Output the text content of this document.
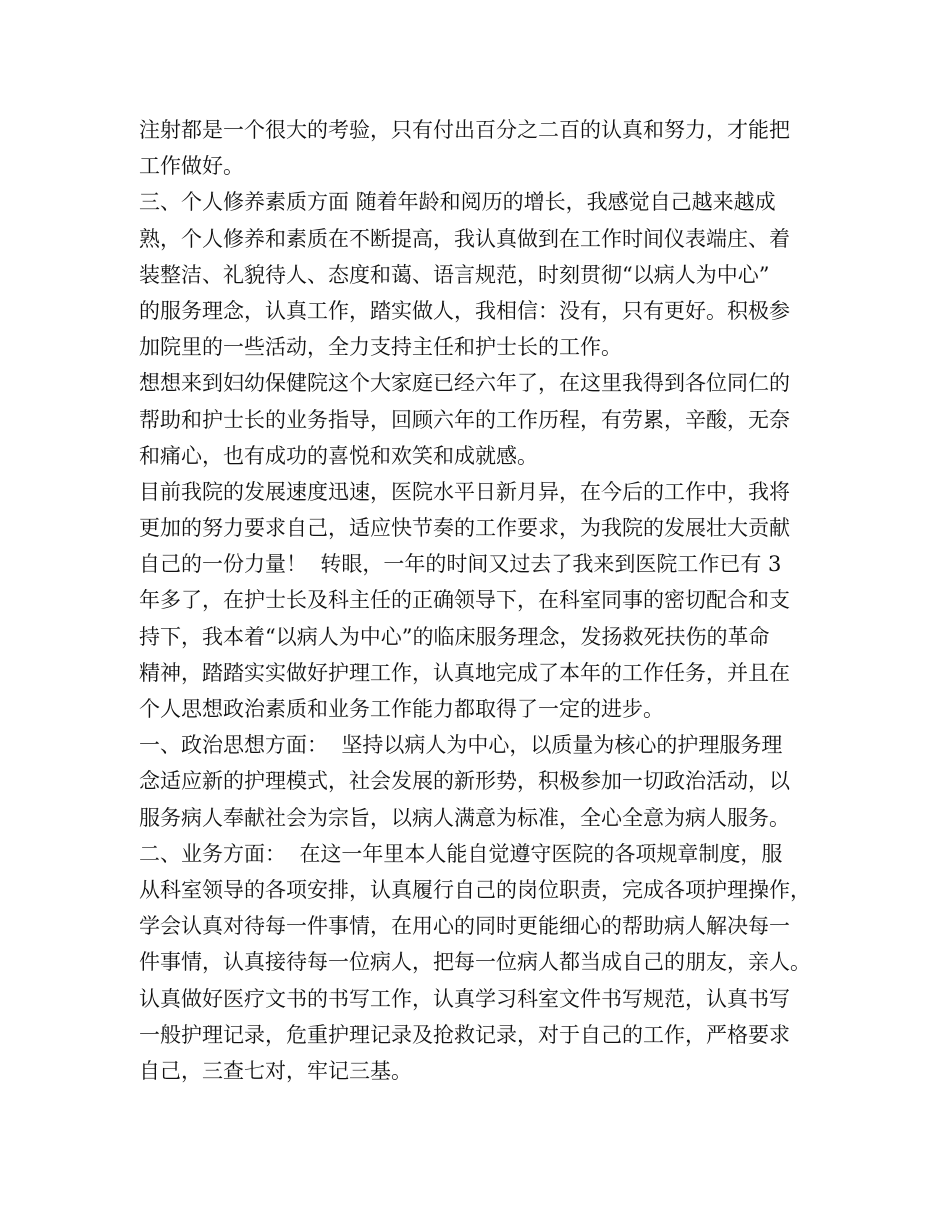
注射都是一个很大的考验，只有付出百分之二百的认真和努力，才能把
工作做好。
三、个人修养素质方面 随着年龄和阅历的增长，我感觉自己越来越成
熟，个人修养和素质在不断提高，我认真做到在工作时间仪表端庄、着
装整洁、礼貌待人、态度和蔼、语言规范，时刻贯彻“以病人为中心”
的服务理念，认真工作，踏实做人，我相信：没有，只有更好。积极参
加院里的一些活动，全力支持主任和护士长的工作。
想想来到妇幼保健院这个大家庭已经六年了，在这里我得到各位同仁的
帮助和护士长的业务指导，回顾六年的工作历程，有劳累，辛酸，无奈
和痛心，也有成功的喜悦和欢笑和成就感。
目前我院的发展速度迅速，医院水平日新月异，在今后的工作中，我将
更加的努力要求自己，适应快节奏的工作要求，为我院的发展壮大贡献
自己的一份力量！  转眼，一年的时间又过去了我来到医院工作已有 3
年多了，在护士长及科主任的正确领导下，在科室同事的密切配合和支
持下，我本着“以病人为中心”的临床服务理念，发扬救死扶伤的革命
精神，踏踏实实做好护理工作，认真地完成了本年的工作任务，并且在
个人思想政治素质和业务工作能力都取得了一定的进步。
一、政治思想方面：  坚持以病人为中心，以质量为核心的护理服务理
念适应新的护理模式，社会发展的新形势，积极参加一切政治活动，以
服务病人奉献社会为宗旨，以病人满意为标准，全心全意为病人服务。
二、业务方面：  在这一年里本人能自觉遵守医院的各项规章制度，服
从科室领导的各项安排，认真履行自己的岗位职责，完成各项护理操作，
学会认真对待每一件事情，在用心的同时更能细心的帮助病人解决每一
件事情，认真接待每一位病人，把每一位病人都当成自己的朋友，亲人。
认真做好医疗文书的书写工作，认真学习科室文件书写规范，认真书写
一般护理记录，危重护理记录及抢救记录，对于自己的工作，严格要求
自己，三查七对，牢记三基。
